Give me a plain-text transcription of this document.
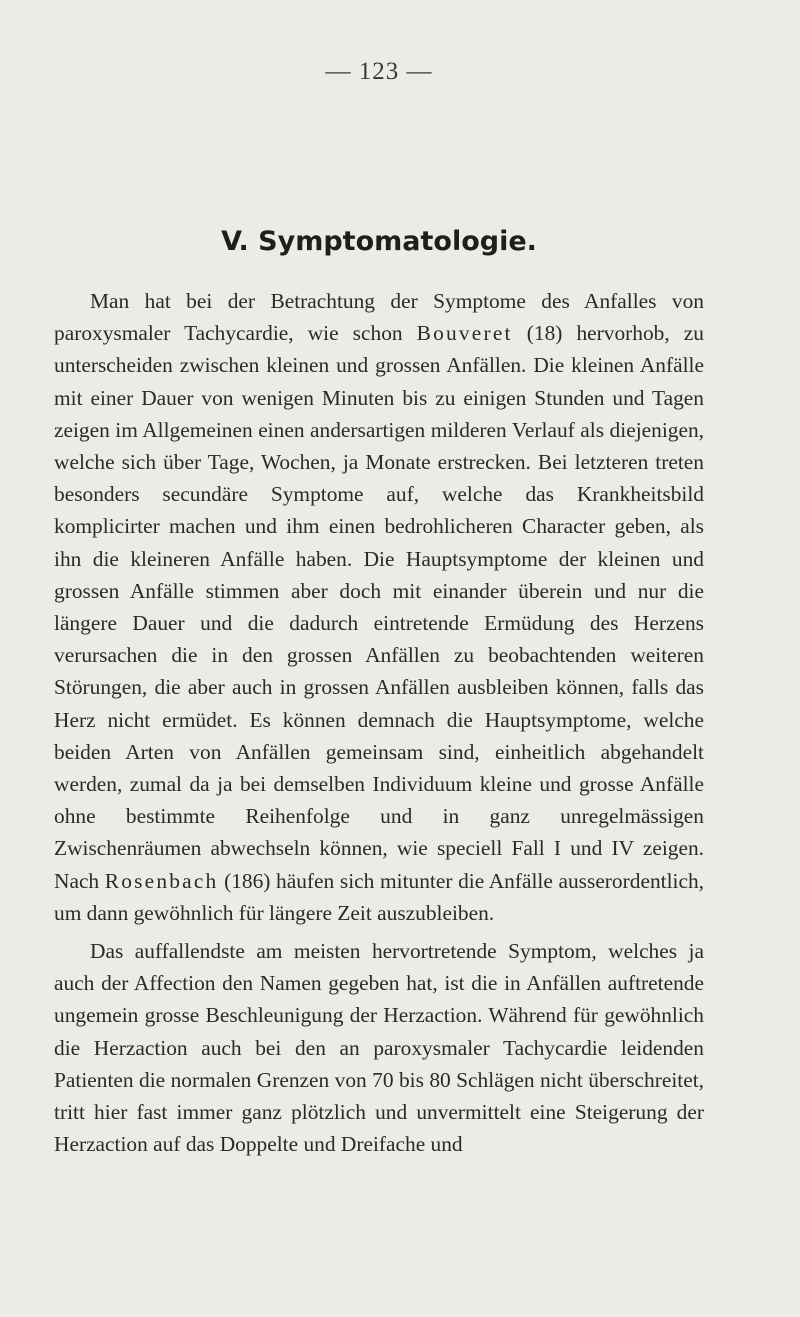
— 123 —
V. Symptomatologie.

Man hat bei der Betrachtung der Symptome des Anfalles von paroxysmaler Tachycardie, wie schon Bouveret (18) hervorhob, zu unterscheiden zwischen kleinen und grossen Anfällen. Die kleinen Anfälle mit einer Dauer von wenigen Minuten bis zu einigen Stunden und Tagen zeigen im Allgemeinen einen andersartigen milderen Verlauf als diejenigen, welche sich über Tage, Wochen, ja Monate erstrecken. Bei letzteren treten besonders secundäre Symptome auf, welche das Krankheitsbild komplicirter machen und ihm einen bedrohlicheren Character geben, als ihn die kleineren Anfälle haben. Die Hauptsymptome der kleinen und grossen Anfälle stimmen aber doch mit einander überein und nur die längere Dauer und die dadurch eintretende Ermüdung des Herzens verursachen die in den grossen Anfällen zu beobachtenden weiteren Störungen, die aber auch in grossen Anfällen ausbleiben können, falls das Herz nicht ermüdet. Es können demnach die Hauptsymptome, welche beiden Arten von Anfällen gemeinsam sind, einheitlich abgehandelt werden, zumal da ja bei demselben Individuum kleine und grosse Anfälle ohne bestimmte Reihenfolge und in ganz unregelmässigen Zwischenräumen abwechseln können, wie speciell Fall I und IV zeigen. Nach Rosenbach (186) häufen sich mitunter die Anfälle ausserordentlich, um dann gewöhnlich für längere Zeit auszubleiben.

Das auffallendste am meisten hervortretende Symptom, welches ja auch der Affection den Namen gegeben hat, ist die in Anfällen auftretende ungemein grosse Beschleunigung der Herzaction. Während für gewöhnlich die Herzaction auch bei den an paroxysmaler Tachycardie leidenden Patienten die normalen Grenzen von 70 bis 80 Schlägen nicht überschreitet, tritt hier fast immer ganz plötzlich und unvermittelt eine Steigerung der Herzaction auf das Doppelte und Dreifache und
